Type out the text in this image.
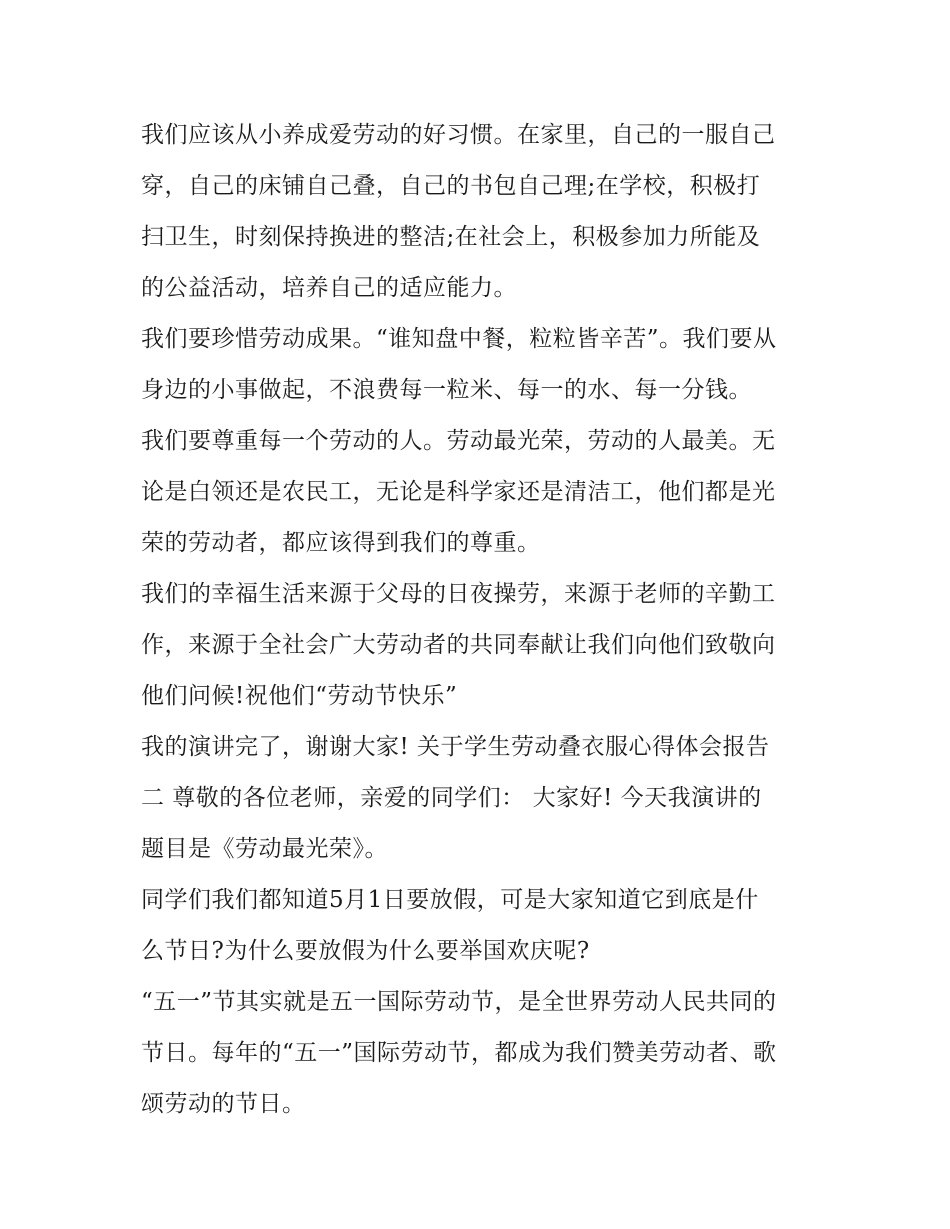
我们应该从小养成爱劳动的好习惯。在家里，自己的一服自己
穿，自己的床铺自己叠，自己的书包自己理;在学校，积极打
扫卫生，时刻保持换进的整洁;在社会上，积极参加力所能及
的公益活动，培养自己的适应能力。
我们要珍惜劳动成果。“谁知盘中餐，粒粒皆辛苦”。我们要从
身边的小事做起，不浪费每一粒米、每一的水、每一分钱。
我们要尊重每一个劳动的人。劳动最光荣，劳动的人最美。无
论是白领还是农民工，无论是科学家还是清洁工，他们都是光
荣的劳动者，都应该得到我们的尊重。
我们的幸福生活来源于父母的日夜操劳，来源于老师的辛勤工
作，来源于全社会广大劳动者的共同奉献让我们向他们致敬向
他们问候!祝他们“劳动节快乐”
我的演讲完了，谢谢大家! 关于学生劳动叠衣服心得体会报告
二 尊敬的各位老师，亲爱的同学们： 大家好! 今天我演讲的
题目是《劳动最光荣》。
同学们我们都知道5月1日要放假，可是大家知道它到底是什
么节日?为什么要放假为什么要举国欢庆呢?
“五一”节其实就是五一国际劳动节，是全世界劳动人民共同的
节日。每年的“五一”国际劳动节，都成为我们赞美劳动者、歌
颂劳动的节日。
